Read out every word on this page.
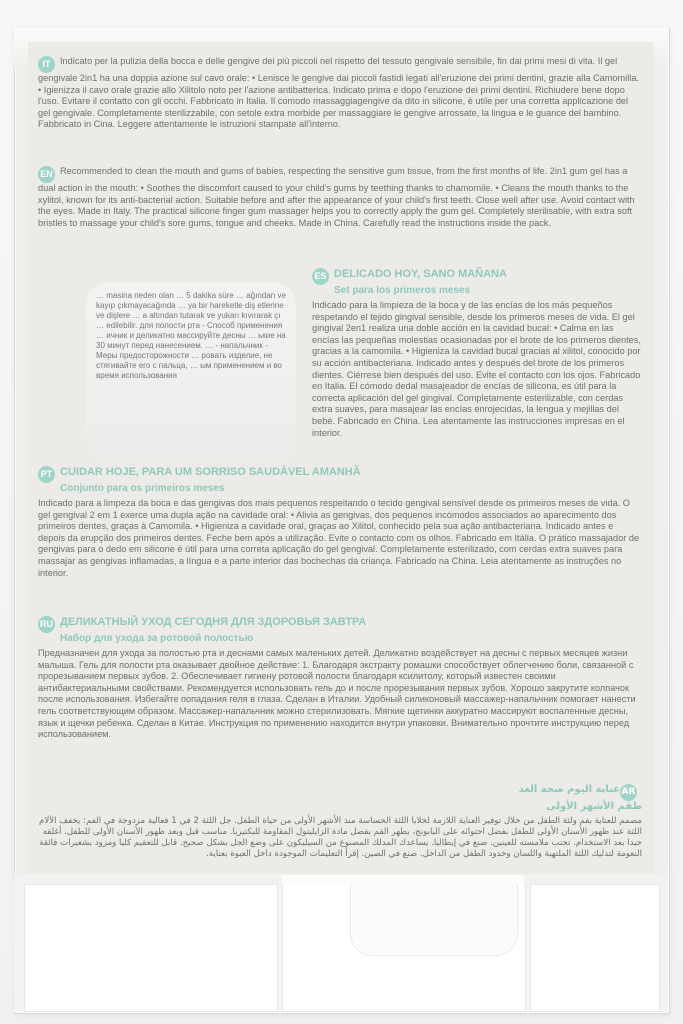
IT Indicato per la pulizia della bocca e delle gengive dei più piccoli nel rispetto del tessuto gengivale sensibile, fin dai primi mesi di vita. Il gel gengivale 2in1 ha una doppia azione sul cavo orale: • Lenisce le gengive dai piccoli fastidi legati all'eruzione dei primi dentini, grazie alla Camomilla. • Igienizza il cavo orale grazie allo Xilitolo noto per l'azione antibatterica. Indicato prima e dopo l'eruzione dei primi dentini. Richiudere bene dopo l'uso. Evitare il contatto con gli occhi. Fabbricato in Italia. Il comodo massaggiagengive da dito in silicone, è utile per una corretta applicazione del gel gengivale. Completamente sterilizzabile, con setole extra morbide per massaggiare le gengive arrossate, la lingua e le guance del bambino. Fabbricato in Cina. Leggere attentamente le istruzioni stampate all'interno.

EN Recommended to clean the mouth and gums of babies, respecting the sensitive gum tissue, from the first months of life. 2in1 gum gel has a dual action in the mouth: • Soothes the discomfort caused to your child's gums by teething thanks to chamomile. • Cleans the mouth thanks to the xylitol, known for its anti-bacterial action. Suitable before and after the appearance of your child's first teeth. Close well after use. Avoid contact with the eyes. Made in Italy. The practical silicone finger gum massager helps you to correctly apply the gum gel. Completely sterilisable, with extra soft bristles to massage your child's sore gums, tongue and cheeks. Made in China. Carefully read the instructions inside the pack.

… masina neden olan … 5 dakika süre … ağından ve kayıp çıkmayacağında … ya bir hareketle diş etlerine ve dişlere … a altından tutarak ve yukarı kıvırarak çı … edilebilir. для полости рта - Способ применения … ичник и деликатно массируйте десны … ькие на 30 минут перед нанесением. … - напальчник - Меры предосторожности … ровать изделие, не стягивайте его с пальца, … ым применением и во время использования
ES DELICADO HOY, SANO MAÑANA
Set para los primeros meses

Indicado para la limpieza de la boca y de las encías de los más pequeños respetando el tejido gingival sensible, desde los primeros meses de vida. El gel gingival 2en1 realiza una doble acción en la cavidad bucal: • Calma en las encías las pequeñas molestias ocasionadas por el brote de los primeros dientes, gracias a la camomila. • Higieniza la cavidad bucal gracias al xilitol, conocido por su acción antibacteriana. Indicado antes y después del brote de los primeros dientes. Ciérrese bien después del uso. Evite el contacto con los ojos. Fabricado en Italia. El cómodo dedal masajeador de encías de silicona, es útil para la correcta aplicación del gel gingival. Completamente esterilizable, con cerdas extra suaves, para masajear las encías enrojecidas, la lengua y mejillas del bebé. Fabricado en China. Lea atentamente las instrucciones impresas en el interior.

PT CUIDAR HOJE, PARA UM SORRISO SAUDÁVEL AMANHÃ
Conjunto para os primeiros meses

Indicado para a limpeza da boca e das gengivas dos mais pequenos respeitando o tecido gengival sensível desde os primeiros meses de vida. O gel gengival 2 em 1 exerce uma dupla ação na cavidade oral: • Alivia as gengivas, dos pequenos incómodos associados ao aparecimento dos primeiros dentes, graças à Camomila. • Higieniza a cavidade oral, graças ao Xilitol, conhecido pela sua ação antibacteriana. Indicado antes e depois da erupção dos primeiros dentes. Feche bem após a utilização. Evite o contacto com os olhos. Fabricado em Itália. O prático massajador de gengivas para o dedo em silicone é útil para uma correta aplicação do gel gengival. Completamente esterilizado, com cerdas extra suaves para massajar as gengivas inflamadas, a língua e a parte interior das bochechas da criança. Fabricado na China. Leia atentamente as instruções no interior.

RU ДЕЛИКАТНЫЙ УХОД СЕГОДНЯ ДЛЯ ЗДОРОВЬЯ ЗАВТРА
Набор для ухода за ротовой полостью

Предназначен для ухода за полостью рта и деснами самых маленьких детей. Деликатно воздействует на десны с первых месяцев жизни малыша. Гель для полости рта оказывает двойное действие: 1. Благодаря экстракту ромашки способствует облегчению боли, связанной с прорезыванием первых зубов. 2. Обеспечивает гигиену ротовой полости благодаря ксилитолу, который известен своими антибактериальными свойствами. Рекомендуется использовать гель до и после прорезывания первых зубов. Хорошо закрутите колпачок после использования. Избегайте попадания геля в глаза. Сделан в Италии. Удобный силиконовый массажер-напальчник помогает нанести гель соответствующим образом. Массажер-напальчник можно стерилизовать. Мягкие щетинки аккуратно массируют воспаленные десны, язык и щечки ребенка. Сделан в Китае. Инструкция по применению находится внутри упаковки. Внимательно прочтите инструкцию перед использованием.

ARعناية اليوم صحة الغد
طقم الأشهر الأولى

مصمم للعناية بفم ولثة الطفل من خلال توفير العناية اللازمة لخلايا اللثة الحساسة منذ الأشهر الأولى من حياة الطفل. جل اللثة 2 في 1 فعالية مزدوجة في الفم: يخفف الآلام اللثة عند ظهور الأسنان الأولى للطفل بفضل احتوائه على البابونج، يطهر الفم بفضل مادة الزايليتول المقاومة للبكتيريا. مناسب قبل وبعد ظهور الأسنان الأولى للطفل. أغلقه جيدا بعد الاستخدام. تجنب ملامسته للعينين. صنع في إيطاليا. يساعدك المدلك المصنوع من السيليكون على وضع الجل بشكل صحيح. قابل للتعقيم كليا ومزود بشعيرات فائقة النعومة لتدليك اللثة الملتهبة واللسان وخدود الطفل من الداخل. صنع في الصين. إقرأ التعليمات الموجودة داخل العبوة بعناية.
